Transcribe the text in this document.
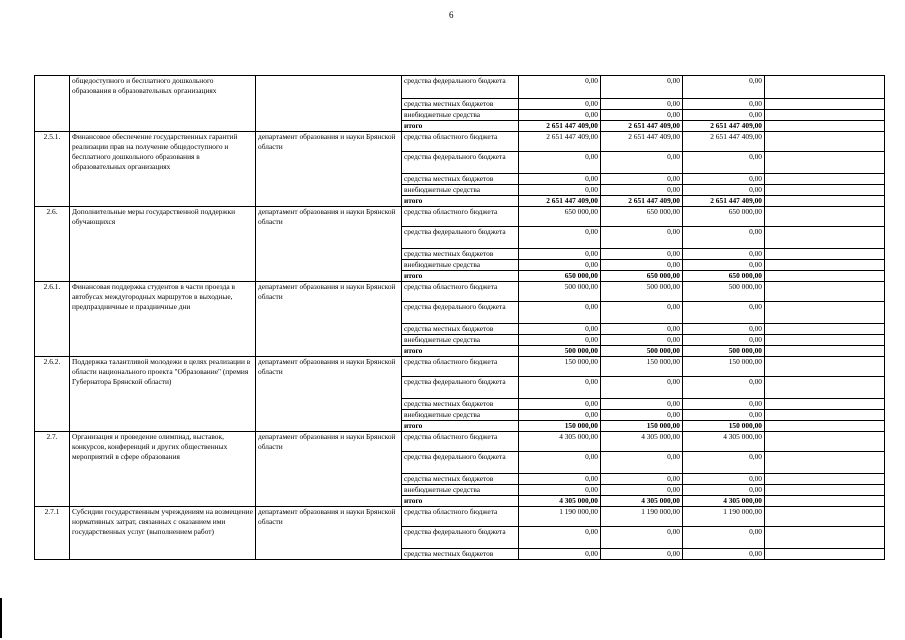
6
	общедоступного и бесплатного дошкольного образования в образовательных организациях		средства федерального бюджета	0,00	0,00	0,00	
			средства местных бюджетов	0,00	0,00	0,00	
			внебюджетные средства	0,00	0,00	0,00	
			итого	2 651 447 409,00	2 651 447 409,00	2 651 447 409,00	
2.5.1.	Финансовое обеспечение государственных гарантий реализации прав на получение общедоступного и бесплатного дошкольного образования в образовательных организациях	департамент образования и науки Брянской области	средства областного бюджета	2 651 447 409,00	2 651 447 409,00	2 651 447 409,00	
			средства федерального бюджета	0,00	0,00	0,00	
			средства местных бюджетов	0,00	0,00	0,00	
			внебюджетные средства	0,00	0,00	0,00	
			итого	2 651 447 409,00	2 651 447 409,00	2 651 447 409,00	
2.6.	Дополнительные меры государственной поддержки обучающихся	департамент образования и науки Брянской области	средства областного бюджета	650 000,00	650 000,00	650 000,00	
			средства федерального бюджета	0,00	0,00	0,00	
			средства местных бюджетов	0,00	0,00	0,00	
			внебюджетные средства	0,00	0,00	0,00	
			итого	650 000,00	650 000,00	650 000,00	
2.6.1.	Финансовая поддержка студентов в части проезда в автобусах междугородных маршрутов в выходные, предпраздничные и праздничные дни	департамент образования и науки Брянской области	средства областного бюджета	500 000,00	500 000,00	500 000,00	
			средства федерального бюджета	0,00	0,00	0,00	
			средства местных бюджетов	0,00	0,00	0,00	
			внебюджетные средства	0,00	0,00	0,00	
			итого	500 000,00	500 000,00	500 000,00	
2.6.2.	Поддержка талантливой молодежи в целях реализации в области национального проекта "Образование" (премия Губернатора Брянской области)	департамент образования и науки Брянской области	средства областного бюджета	150 000,00	150 000,00	150 000,00	
			средства федерального бюджета	0,00	0,00	0,00	
			средства местных бюджетов	0,00	0,00	0,00	
			внебюджетные средства	0,00	0,00	0,00	
			итого	150 000,00	150 000,00	150 000,00	
2.7.	Организация и проведение олимпиад, выставок, конкурсов, конференций и других общественных мероприятий в сфере образования	департамент образования и науки Брянской области	средства областного бюджета	4 305 000,00	4 305 000,00	4 305 000,00	
			средства федерального бюджета	0,00	0,00	0,00	
			средства местных бюджетов	0,00	0,00	0,00	
			внебюджетные средства	0,00	0,00	0,00	
			итого	4 305 000,00	4 305 000,00	4 305 000,00	
2.7.1	Субсидии государственным учреждениям на возмещение нормативных затрат, связанных с оказанием ими государственных услуг (выполнением работ)	департамент образования и науки Брянской области	средства областного бюджета	1 190 000,00	1 190 000,00	1 190 000,00	
			средства федерального бюджета	0,00	0,00	0,00	
			средства местных бюджетов	0,00	0,00	0,00	
